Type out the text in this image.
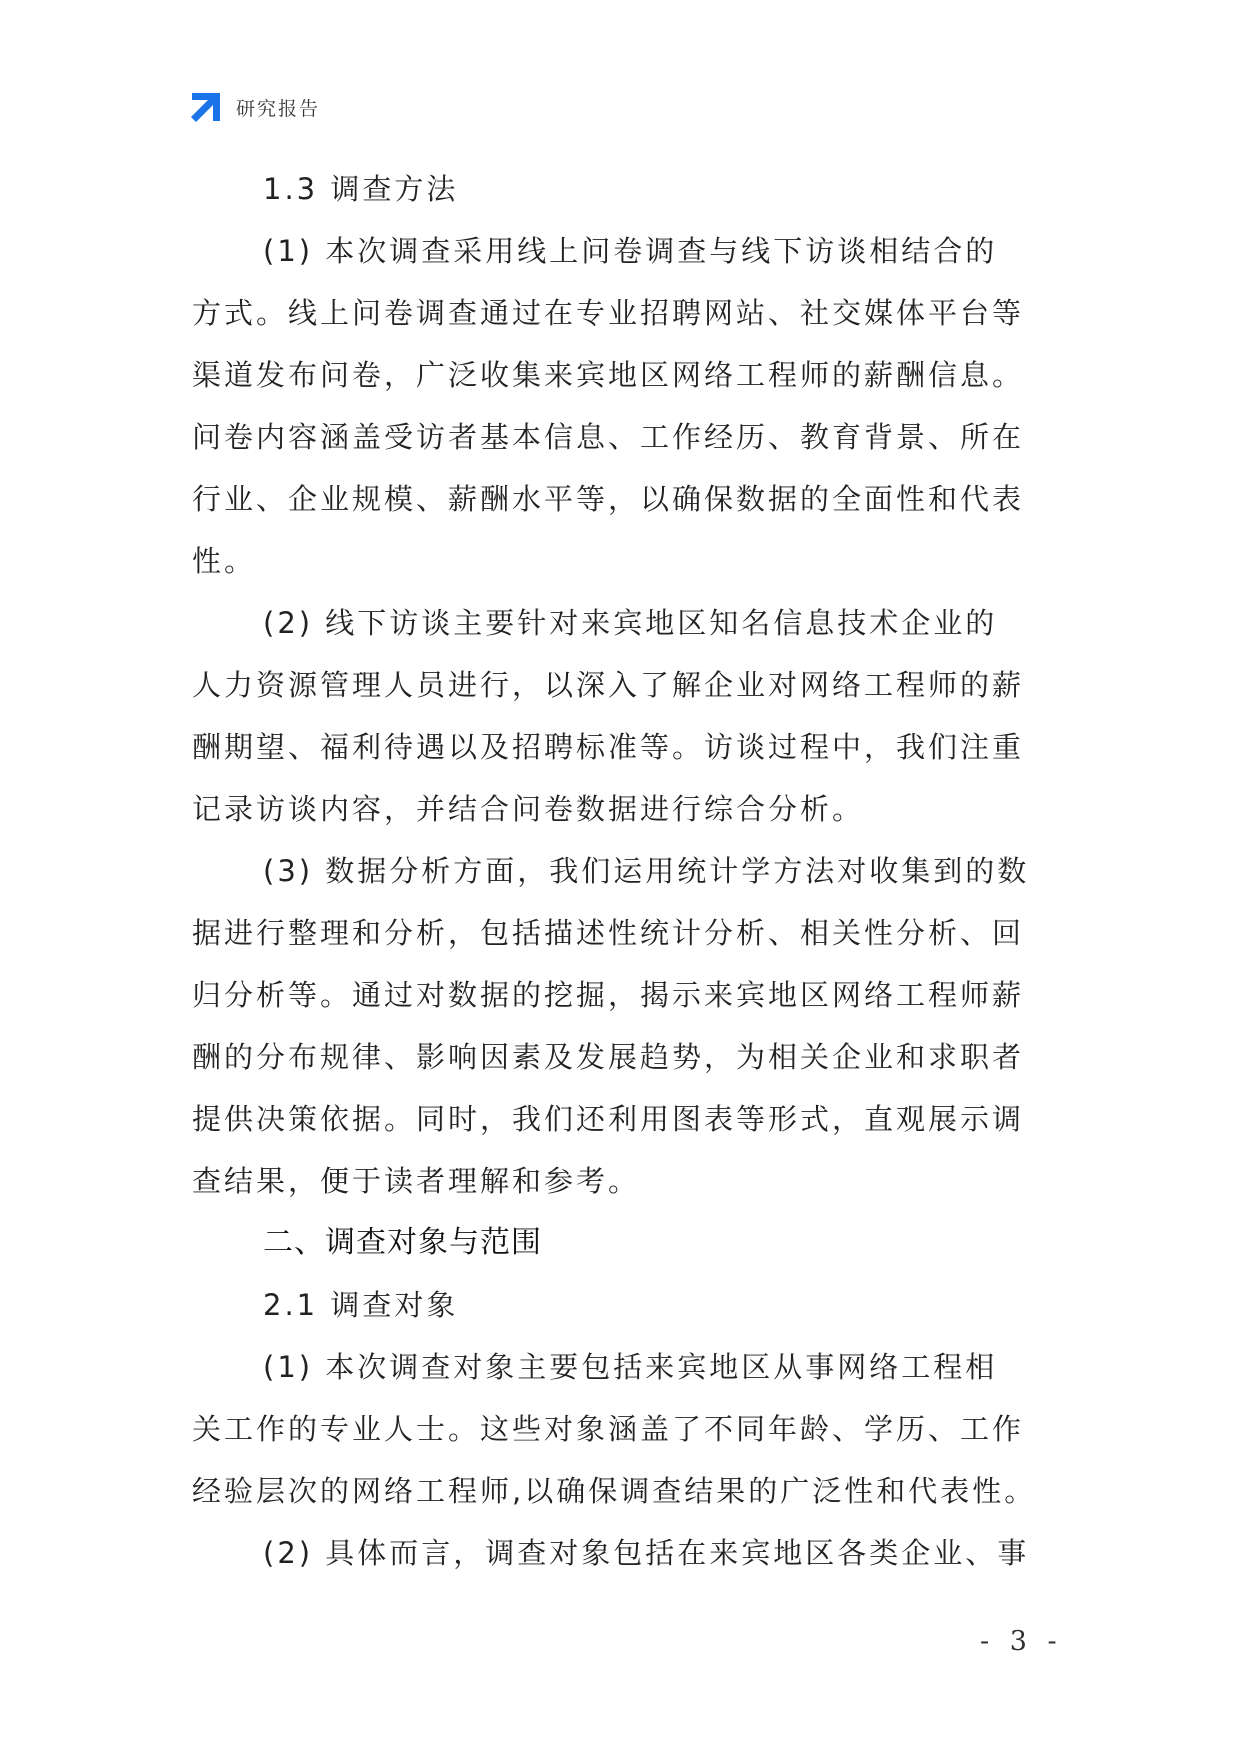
研究报告
1.3 调查方法
(1) 本次调查采用线上问卷调查与线下访谈相结合的
方式。线上问卷调查通过在专业招聘网站、社交媒体平台等
渠道发布问卷，广泛收集来宾地区网络工程师的薪酬信息。
问卷内容涵盖受访者基本信息、工作经历、教育背景、所在
行业、企业规模、薪酬水平等，以确保数据的全面性和代表
性。
(2) 线下访谈主要针对来宾地区知名信息技术企业的
人力资源管理人员进行，以深入了解企业对网络工程师的薪
酬期望、福利待遇以及招聘标准等。访谈过程中，我们注重
记录访谈内容，并结合问卷数据进行综合分析。
(3) 数据分析方面，我们运用统计学方法对收集到的数
据进行整理和分析，包括描述性统计分析、相关性分析、回
归分析等。通过对数据的挖掘，揭示来宾地区网络工程师薪
酬的分布规律、影响因素及发展趋势，为相关企业和求职者
提供决策依据。同时，我们还利用图表等形式，直观展示调
查结果，便于读者理解和参考。
二、调查对象与范围
2.1 调查对象
(1) 本次调查对象主要包括来宾地区从事网络工程相
关工作的专业人士。这些对象涵盖了不同年龄、学历、工作
经验层次的网络工程师,以确保调查结果的广泛性和代表性。
(2) 具体而言，调查对象包括在来宾地区各类企业、事
- 3 -
